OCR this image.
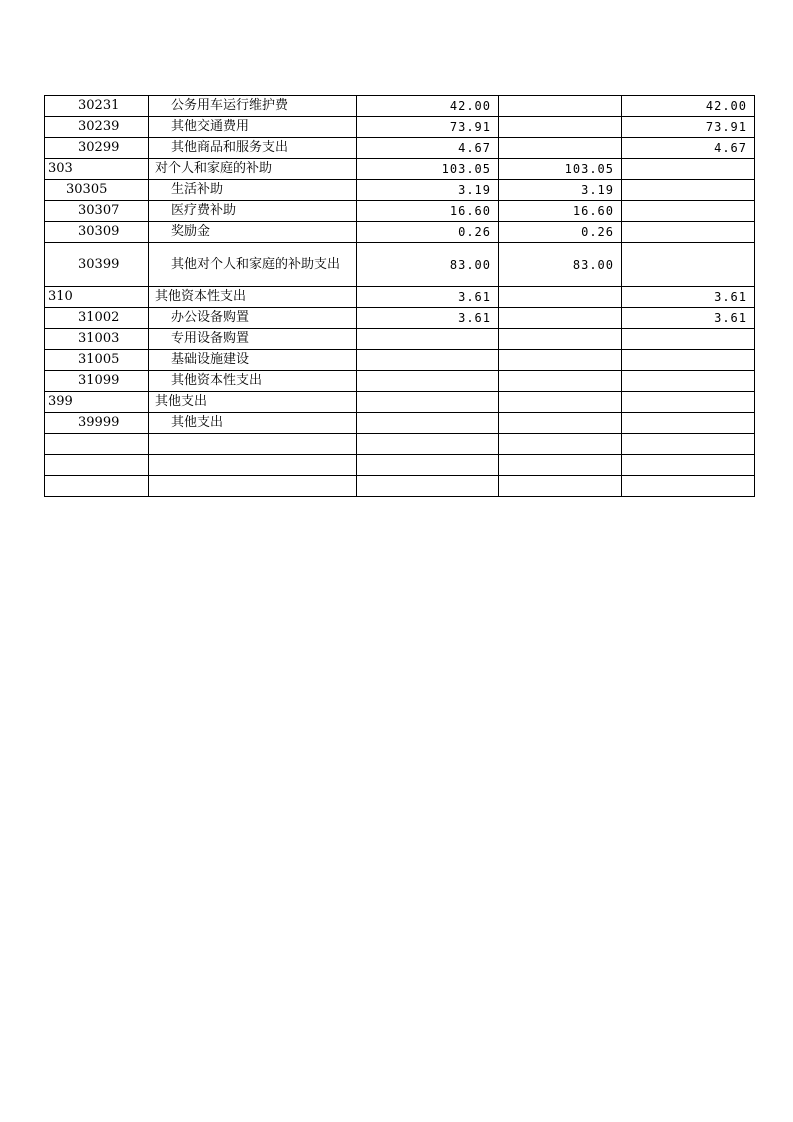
30231	公务用车运行维护费	42.00		42.00
30239	其他交通费用	73.91		73.91
30299	其他商品和服务支出	4.67		4.67
303	对个人和家庭的补助	103.05	103.05	
30305	生活补助	3.19	3.19	
30307	医疗费补助	16.60	16.60	
30309	奖励金	0.26	0.26	
30399	其他对个人和家庭的补助支出	83.00	83.00	
310	其他资本性支出	3.61		3.61
31002	办公设备购置	3.61		3.61
31003	专用设备购置			
31005	基础设施建设			
31099	其他资本性支出			
399	其他支出			
39999	其他支出			
